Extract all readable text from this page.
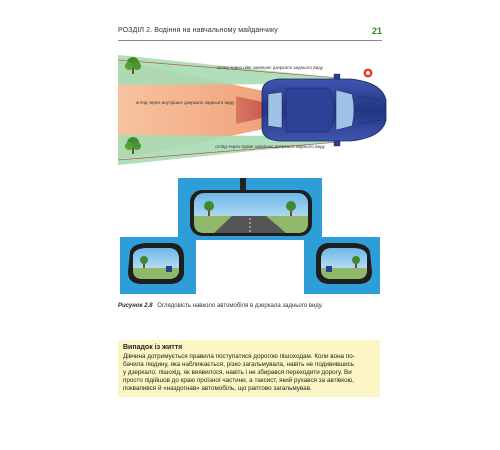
РОЗДІЛ 2. Водіння на навчальному майданчику	21
огляд через ліве зовнішнє дзеркало заднього виду
огляд через внутрішнє дзеркало заднього виду
огляд через праве зовнішнє дзеркало заднього виду
Рисунок 2.8 Оглядовість навколо автомобіля в дзеркала заднього виду.
Випадок із життя
Дівчина дотримується правила поступатися дорогою пішоходам. Коли вона по-
бачила людину, яка наближається, різко загальмувала, навіть не подивившись
у дзеркало; пішохід, як виявилося, навіть і не збирався переходити дорогу. Ви
просто підійшов до краю проїзної частини, а таксист, який рухався за автівкою,
поквапився й «наздогнав» автомобіль, що раптово загальмував.
